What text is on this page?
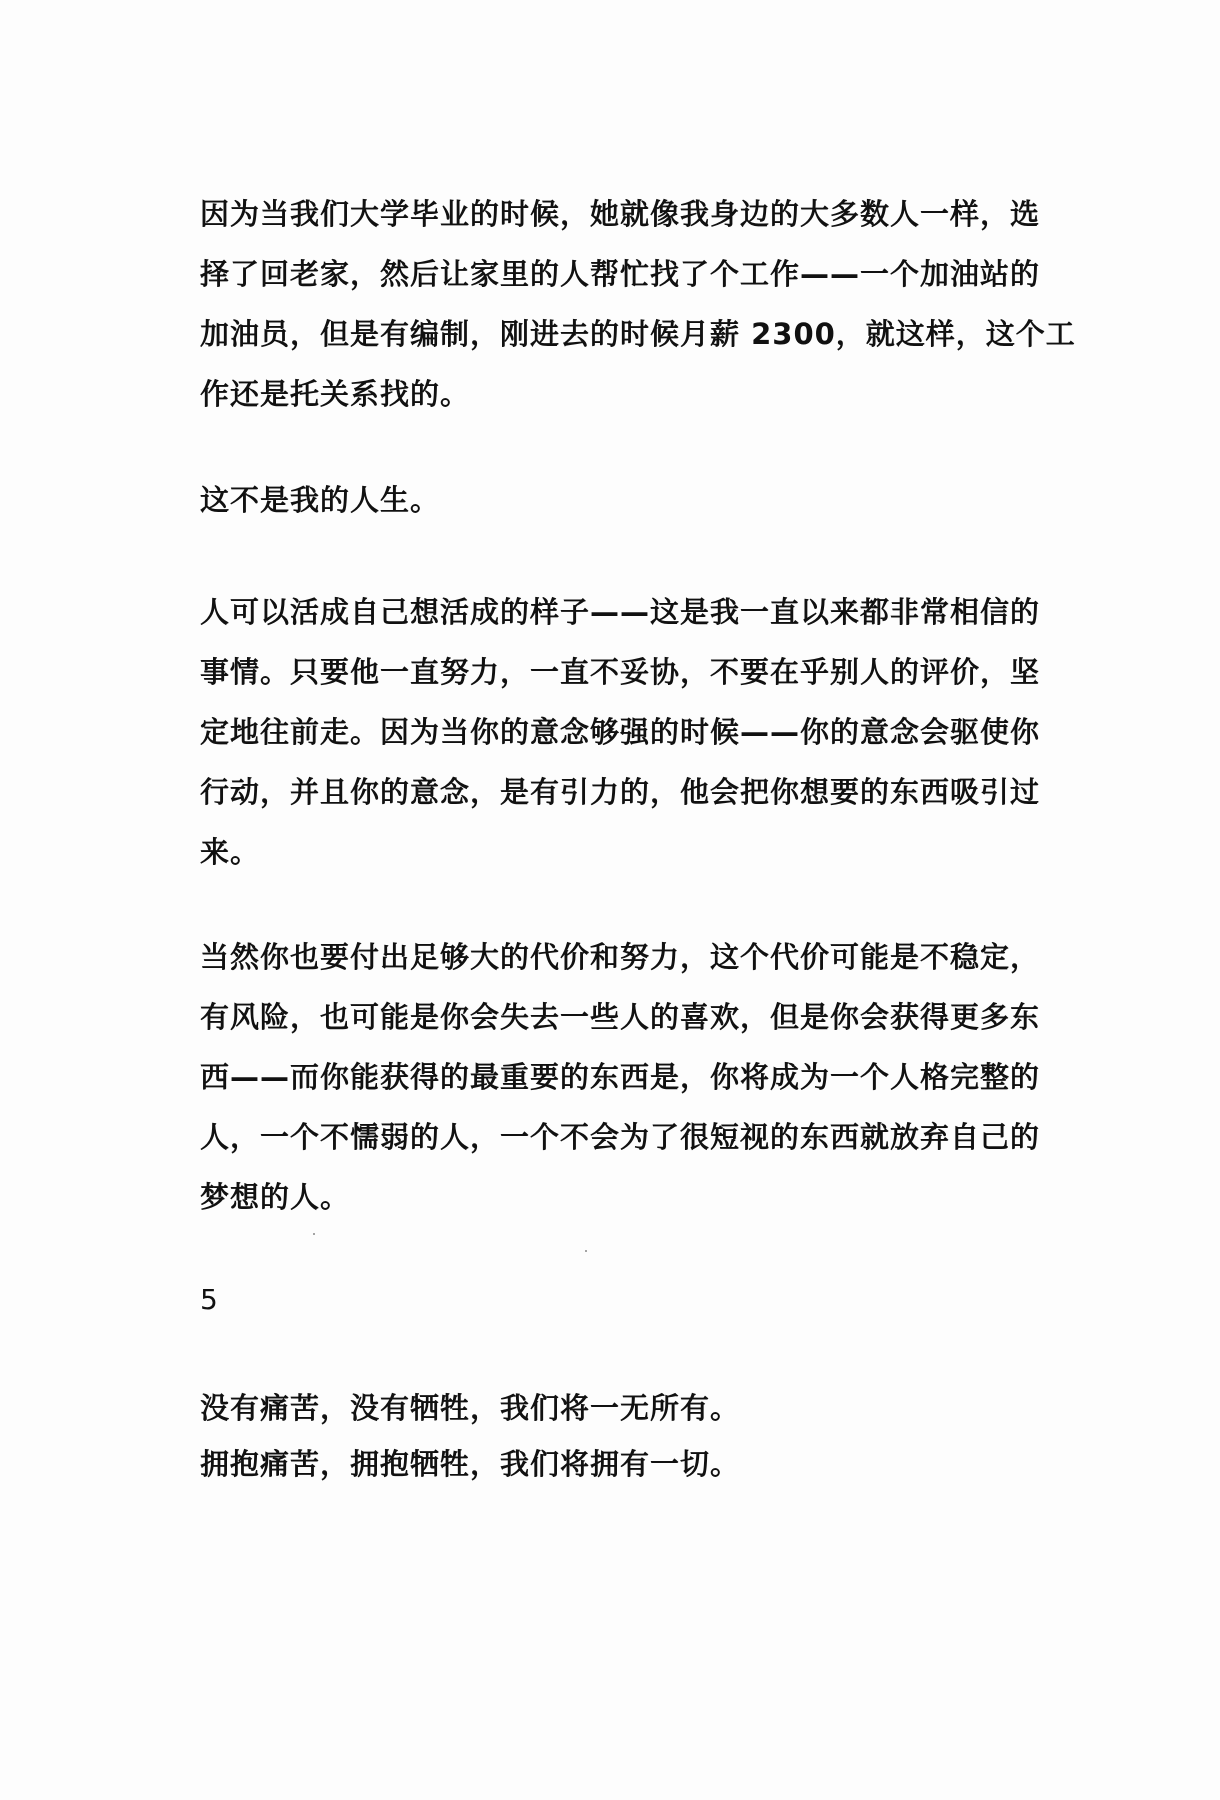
因为当我们大学毕业的时候，她就像我身边的大多数人一样，选
择了回老家，然后让家里的人帮忙找了个工作——一个加油站的
加油员，但是有编制，刚进去的时候月薪 2300，就这样，这个工
作还是托关系找的。
这不是我的人生。
人可以活成自己想活成的样子——这是我一直以来都非常相信的
事情。只要他一直努力，一直不妥协，不要在乎别人的评价，坚
定地往前走。因为当你的意念够强的时候——你的意念会驱使你
行动，并且你的意念，是有引力的，他会把你想要的东西吸引过
来。
当然你也要付出足够大的代价和努力，这个代价可能是不稳定，
有风险，也可能是你会失去一些人的喜欢，但是你会获得更多东
西——而你能获得的最重要的东西是，你将成为一个人格完整的
人，一个不懦弱的人，一个不会为了很短视的东西就放弃自己的
梦想的人。
5
没有痛苦，没有牺牲，我们将一无所有。
拥抱痛苦，拥抱牺牲，我们将拥有一切。
